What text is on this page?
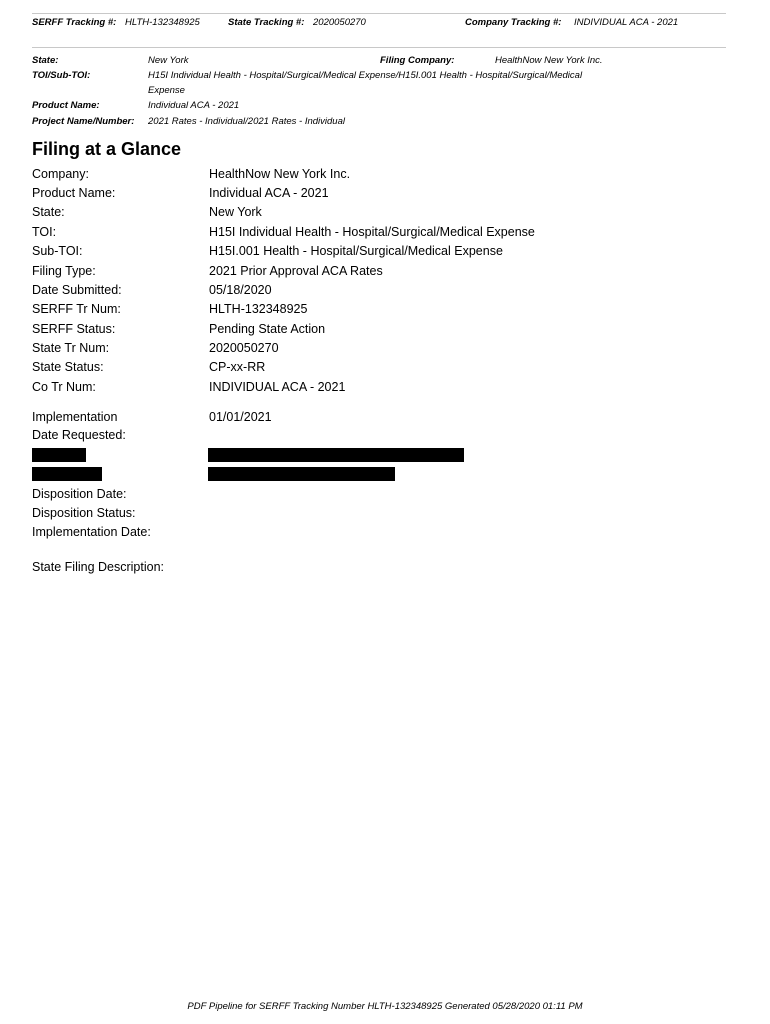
SERFF Tracking #: HLTH-132348925	State Tracking #: 2020050270	Company Tracking #: INDIVIDUAL ACA - 2021
State:	New York	Filing Company:	HealthNow New York Inc.
TOI/Sub-TOI:	H15I Individual Health - Hospital/Surgical/Medical Expense/H15I.001 Health - Hospital/Surgical/Medical
Expense
Product Name:	Individual ACA - 2021
Project Name/Number: 2021 Rates - Individual/2021 Rates - Individual
Filing at a Glance
Company:	HealthNow New York Inc.
Product Name:	Individual ACA - 2021
State:	New York
TOI:	H15I Individual Health - Hospital/Surgical/Medical Expense
Sub-TOI:	H15I.001 Health - Hospital/Surgical/Medical Expense
Filing Type:	2021 Prior Approval ACA Rates
Date Submitted:	05/18/2020
SERFF Tr Num:	HLTH-132348925
SERFF Status:	Pending State Action
State Tr Num:	2020050270
State Status:	CP-xx-RR
Co Tr Num:	INDIVIDUAL ACA - 2021
Implementation
Date Requested:
01/01/2021
Disposition Date:
Disposition Status:
Implementation Date:
State Filing Description:
PDF Pipeline for SERFF Tracking Number HLTH-132348925 Generated 05/28/2020 01:11 PM
